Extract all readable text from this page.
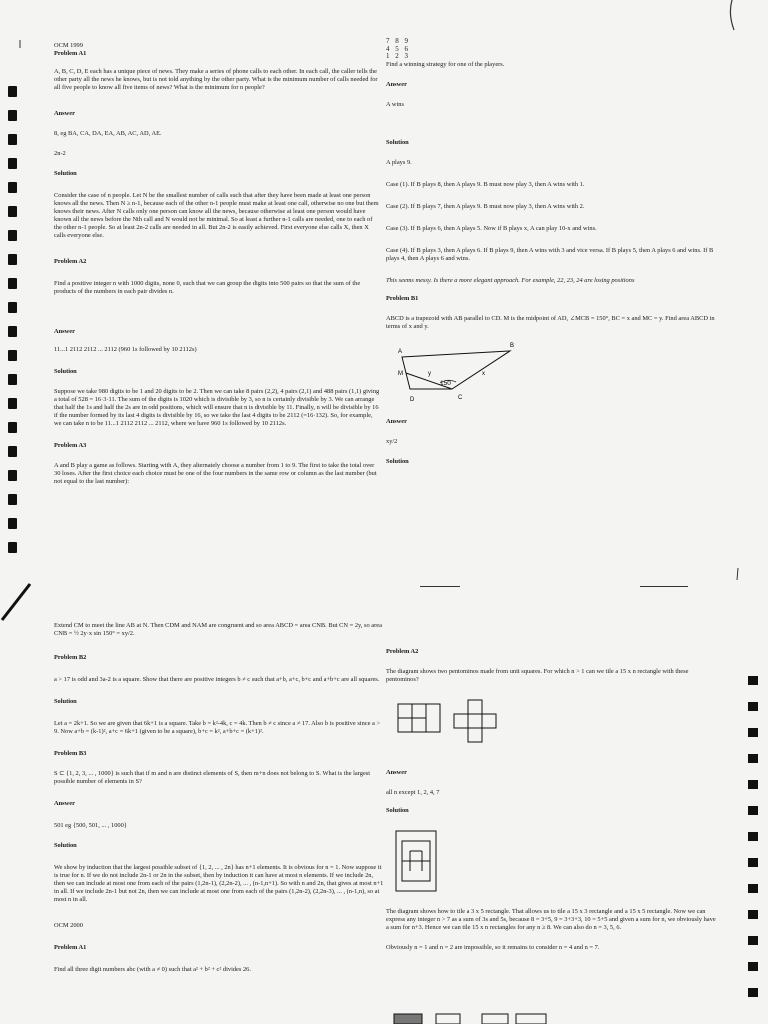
OCM 1999

Problem A1

A, B, C, D, E each has a unique piece of news. They make a series of phone calls to each other. In each call, the caller tells the other party all the news he knows, but is not told anything by the other party. What is the minimum number of calls needed for all five people to know all five items of news? What is the minimum for n people?

Answer

8, eg BA, CA, DA, EA, AB, AC, AD, AE.

2n-2

Solution

Consider the case of n people. Let N be the smallest number of calls such that after they have been made at least one person knows all the news. Then N ≥ n-1, because each of the other n-1 people must make at least one call, otherwise no one but them knows their news. After N calls only one person can know all the news, because otherwise at least one person would have known all the news before the Nth call and N would not be minimal. So at least a further n-1 calls are needed, one to each of the other n-1 people. So at least 2n-2 calls are needed in all. But 2n-2 is easily achieved. First everyone else calls X, then X calls everyone else.

Problem A2

Find a positive integer n with 1000 digits, none 0, such that we can group the digits into 500 pairs so that the sum of the products of the numbers in each pair divides n.

Answer

11...1 2112 2112 ... 2112 (960 1s followed by 10 2112s)

Solution

Suppose we take 980 digits to be 1 and 20 digits to be 2. Then we can take 8 pairs (2,2), 4 pairs (2,1) and 488 pairs (1,1) giving a total of 528 = 16·3·11. The sum of the digits is 1020 which is divisible by 3, so n is certainly divisible by 3. We can arrange that half the 1s and half the 2s are in odd positions, which will ensure that n is divisible by 11. Finally, n will be divisible by 16 if the number formed by its last 4 digits is divisible by 16, so we take the last 4 digits to be 2112 (=16·132). So, for example, we can take n to be 11...1 2112 2112 ... 2112, where we have 960 1s followed by 10 2112s.

Problem A3

A and B play a game as follows. Starting with A, they alternately choose a number from 1 to 9. The first to take the total over 30 loses. After the first choice each choice must be one of the four numbers in the same row or column as the last number (but not equal to the last number):

7 8 9

4 5 6

1 2 3

Find a winning strategy for one of the players.

Answer

A wins

Solution

A plays 9.

Case (1). If B plays 8, then A plays 9. B must now play 3, then A wins with 1.

Case (2). If B plays 7, then A plays 9. B must now play 3, then A wins with 2.

Case (3). If B plays 6, then A plays 5. Now if B plays x, A can play 10-x and wins.

Case (4). If B plays 3, then A plays 6. If B plays 9, then A wins with 3 and vice versa. If B plays 5, then A plays 6 and wins. If B plays 4, then A plays 6 and wins.

This seems messy. Is there a more elegant approach. For example, 22, 23, 24 are losing positions

Problem B1

ABCD is a trapezoid with AB parallel to CD. M is the midpoint of AD, ∠MCB = 150°, BC = x and MC = y. Find area ABCD in terms of x and y.

A
B
M
D	C
x
y
150

Answer

xy/2

Solution

Extend CM to meet the line AB at N. Then CDM and NAM are congruent and so area ABCD = area CNB. But CN = 2y, so area CNB = ½ 2y·x sin 150° = xy/2.

Problem B2

a > 17 is odd and 3a-2 is a square. Show that there are positive integers b ≠ c such that a+b, a+c, b+c and a+b+c are all squares.

Solution

Let a = 2k+1. So we are given that 6k+1 is a square. Take b = k²-4k, c = 4k. Then b ≠ c since a ≠ 17. Also b is positive since a > 9. Now a+b = (k-1)², a+c = 6k+1 (given to be a square), b+c = k², a+b+c = (k+1)².

Problem B3

S ⊂ {1, 2, 3, ... , 1000} is such that if m and n are distinct elements of S, then m+n does not belong to S. What is the largest possible number of elements in S?

Answer

501 eg {500, 501, ... , 1000}

Solution

We show by induction that the largest possible subset of {1, 2, ... , 2n} has n+1 elements. It is obvious for n = 1. Now suppose it is true for n. If we do not include 2n-1 or 2n in the subset, then by induction it can have at most n elements. If we include 2n, then we can include at most one from each of the pairs (1,2n-1), (2,2n-2), ... , (n-1,n+1). So with n and 2n, that gives at most n+1 in all. If we include 2n-1 but not 2n, then we can include at most one from each of the pairs (1,2n-2), (2,2n-3), ... , (n-1,n), so at most n in all.

OCM 2000

Problem A1

Find all three digit numbers abc (with a ≠ 0) such that a² + b² + c² divides 26.

Problem A2

The diagram shows two pentominos made from unit squares. For which n > 1 can we tile a 15 x n rectangle with these pentominos?

Answer

all n except 1, 2, 4, 7

Solution

The diagram shows how to tile a 3 x 5 rectangle. That allows us to tile a 15 x 3 rectangle and a 15 x 5 rectangle. Now we can express any integer n > 7 as a sum of 3s and 5s, because 8 = 3+5, 9 = 3+3+3, 10 = 5+5 and given a sum for n, we obviously have a sum for n+3. Hence we can tile 15 x n rectangles for any n ≥ 8. We can also do n = 3, 5, 6.

Obviously n = 1 and n = 2 are impossible, so it remains to consider n = 4 and n = 7.
